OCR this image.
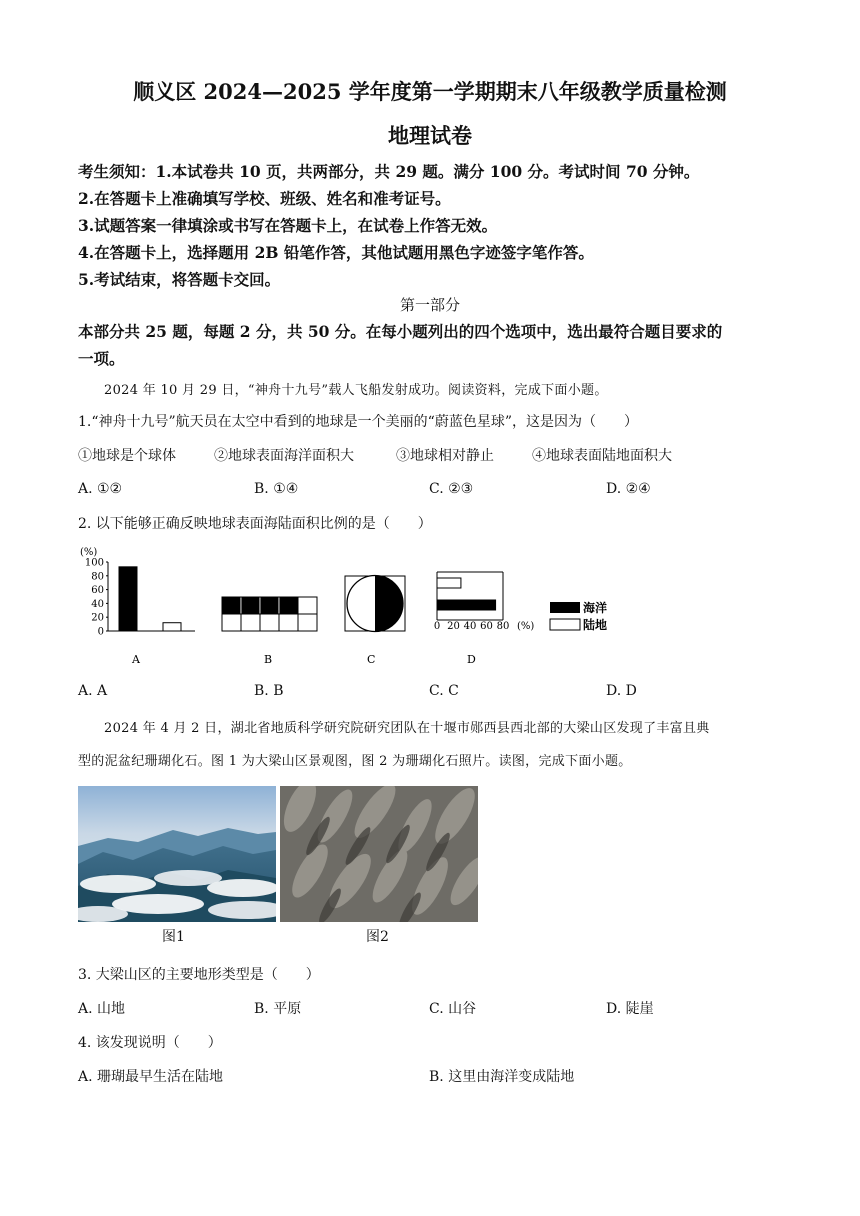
顺义区 2024—2025 学年度第一学期期末八年级教学质量检测
地理试卷
考生须知：1.本试卷共 10 页，共两部分，共 29 题。满分 100 分。考试时间 70 分钟。
2.在答题卡上准确填写学校、班级、姓名和准考证号。
3.试题答案一律填涂或书写在答题卡上，在试卷上作答无效。
4.在答题卡上，选择题用 2B 铅笔作答，其他试题用黑色字迹签字笔作答。
5.考试结束，将答题卡交回。
第一部分
本部分共 25 题，每题 2 分，共 50 分。在每小题列出的四个选项中，选出最符合题目要求的
一项。
2024 年 10 月 29 日，“神舟十九号”载人飞船发射成功。阅读资料，完成下面小题。
1.“神舟十九号”航天员在太空中看到的地球是一个美丽的“蔚蓝色星球”，这是因为（　　）
①地球是个球体	②地球表面海洋面积大	③地球相对静止	④地球表面陆地面积大
A. ①②	B. ①④	C. ②③	D. ②④
2. 以下能够正确反映地球表面海陆面积比例的是（　　）
(%)
100
80
60
40
20
0	0 20 40 60 80 (%)
海洋
陆地
A	B	C	D
A. A	B. B	C. C	D. D
2024 年 4 月 2 日，湖北省地质科学研究院研究团队在十堰市郧西县西北部的大梁山区发现了丰富且典
型的泥盆纪珊瑚化石。图 1 为大梁山区景观图，图 2 为珊瑚化石照片。读图，完成下面小题。
图1	图2
3. 大梁山区的主要地形类型是（　　）
A. 山地	B. 平原	C. 山谷	D. 陡崖
4. 该发现说明（　　）
A. 珊瑚最早生活在陆地	B. 这里由海洋变成陆地
